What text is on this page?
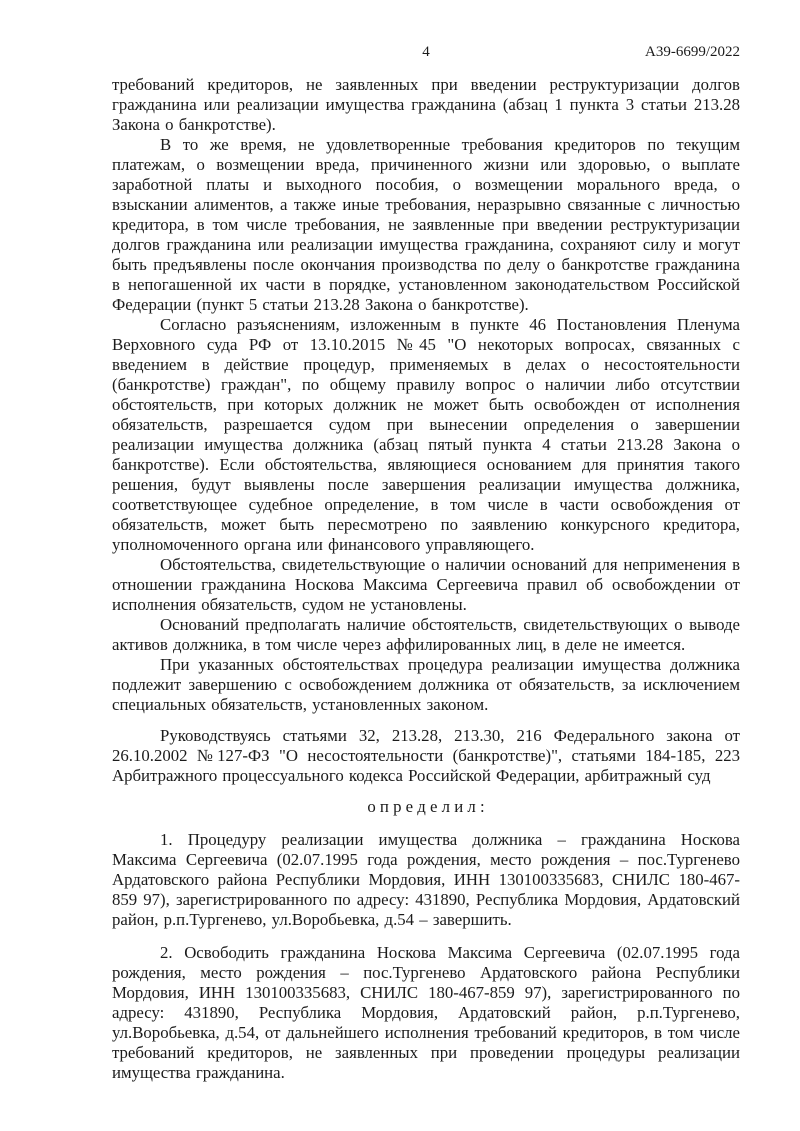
4	А39-6699/2022

требований кредиторов, не заявленных при введении реструктуризации долгов гражданина или реализации имущества гражданина (абзац 1 пункта 3 статьи 213.28 Закона о банкротстве).

В то же время, не удовлетворенные требования кредиторов по текущим платежам, о возмещении вреда, причиненного жизни или здоровью, о выплате заработной платы и выходного пособия, о возмещении морального вреда, о взыскании алиментов, а также иные требования, неразрывно связанные с личностью кредитора, в том числе требования, не заявленные при введении реструктуризации долгов гражданина или реализации имущества гражданина, сохраняют силу и могут быть предъявлены после окончания производства по делу о банкротстве гражданина в непогашенной их части в порядке, установленном законодательством Российской Федерации (пункт 5 статьи 213.28 Закона о банкротстве).

Согласно разъяснениям, изложенным в пункте 46 Постановления Пленума Верховного суда РФ от 13.10.2015 №45 "О некоторых вопросах, связанных с введением в действие процедур, применяемых в делах о несостоятельности (банкротстве) граждан", по общему правилу вопрос о наличии либо отсутствии обстоятельств, при которых должник не может быть освобожден от исполнения обязательств, разрешается судом при вынесении определения о завершении реализации имущества должника (абзац пятый пункта 4 статьи 213.28 Закона о банкротстве). Если обстоятельства, являющиеся основанием для принятия такого решения, будут выявлены после завершения реализации имущества должника, соответствующее судебное определение, в том числе в части освобождения от обязательств, может быть пересмотрено по заявлению конкурсного кредитора, уполномоченного органа или финансового управляющего.

Обстоятельства, свидетельствующие о наличии оснований для неприменения в отношении гражданина Носкова Максима Сергеевича правил об освобождении от исполнения обязательств, судом не установлены.

Оснований предполагать наличие обстоятельств, свидетельствующих о выводе активов должника, в том числе через аффилированных лиц, в деле не имеется.

При указанных обстоятельствах процедура реализации имущества должника подлежит завершению с освобождением должника от обязательств, за исключением специальных обязательств, установленных законом.

Руководствуясь статьями 32, 213.28, 213.30, 216 Федерального закона от 26.10.2002 №127-ФЗ "О несостоятельности (банкротстве)", статьями 184-185, 223 Арбитражного процессуального кодекса Российской Федерации, арбитражный суд

о п р е д е л и л :

1. Процедуру реализации имущества должника – гражданина Носкова Максима Сергеевича (02.07.1995 года рождения, место рождения – пос.Тургенево Ардатовского района Республики Мордовия, ИНН 130100335683, СНИЛС 180-467-859 97), зарегистрированного по адресу: 431890, Республика Мордовия, Ардатовский район, р.п.Тургенево, ул.Воробьевка, д.54 – завершить.

2. Освободить гражданина Носкова Максима Сергеевича (02.07.1995 года рождения, место рождения – пос.Тургенево Ардатовского района Республики Мордовия, ИНН 130100335683, СНИЛС 180-467-859 97), зарегистрированного по адресу: 431890, Республика Мордовия, Ардатовский район, р.п.Тургенево, ул.Воробьевка, д.54, от дальнейшего исполнения требований кредиторов, в том числе требований кредиторов, не заявленных при проведении процедуры реализации имущества гражданина.
